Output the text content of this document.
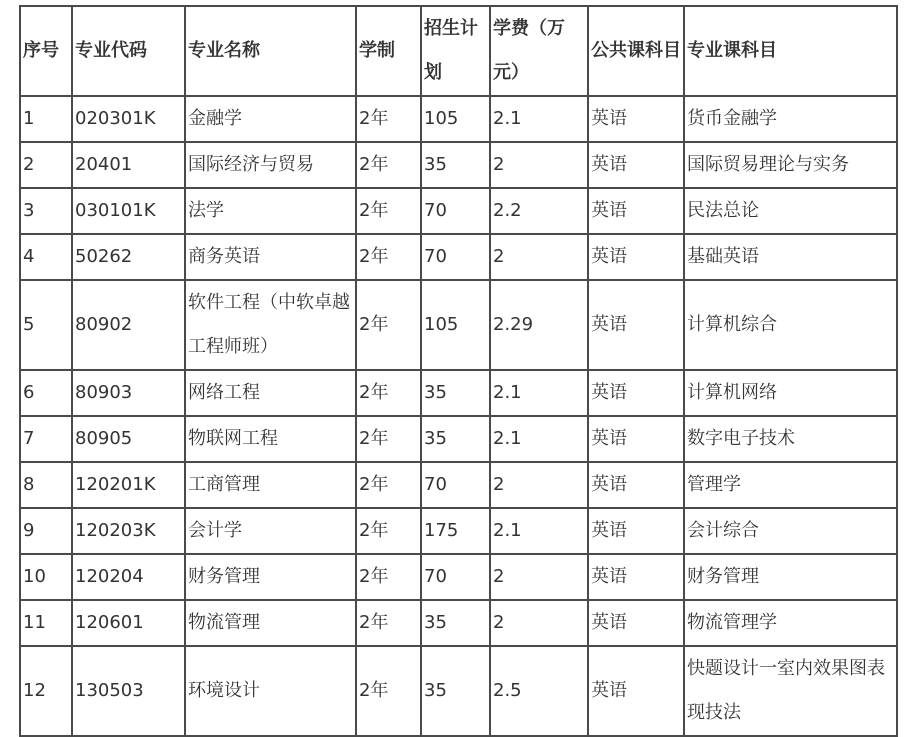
序号	专业代码	专业名称	学制	招生计划	学费（万元）	公共课科目	专业课科目
1	020301K	金融学	2年	105	2.1	英语	货币金融学
2	20401	国际经济与贸易	2年	35	2	英语	国际贸易理论与实务
3	030101K	法学	2年	70	2.2	英语	民法总论
4	50262	商务英语	2年	70	2	英语	基础英语
5	80902	软件工程（中软卓越工程师班）	2年	105	2.29	英语	计算机综合
6	80903	网络工程	2年	35	2.1	英语	计算机网络
7	80905	物联网工程	2年	35	2.1	英语	数字电子技术
8	120201K	工商管理	2年	70	2	英语	管理学
9	120203K	会计学	2年	175	2.1	英语	会计综合
10	120204	财务管理	2年	70	2	英语	财务管理
11	120601	物流管理	2年	35	2	英语	物流管理学
12	130503	环境设计	2年	35	2.5	英语	快题设计一室内效果图表现技法
